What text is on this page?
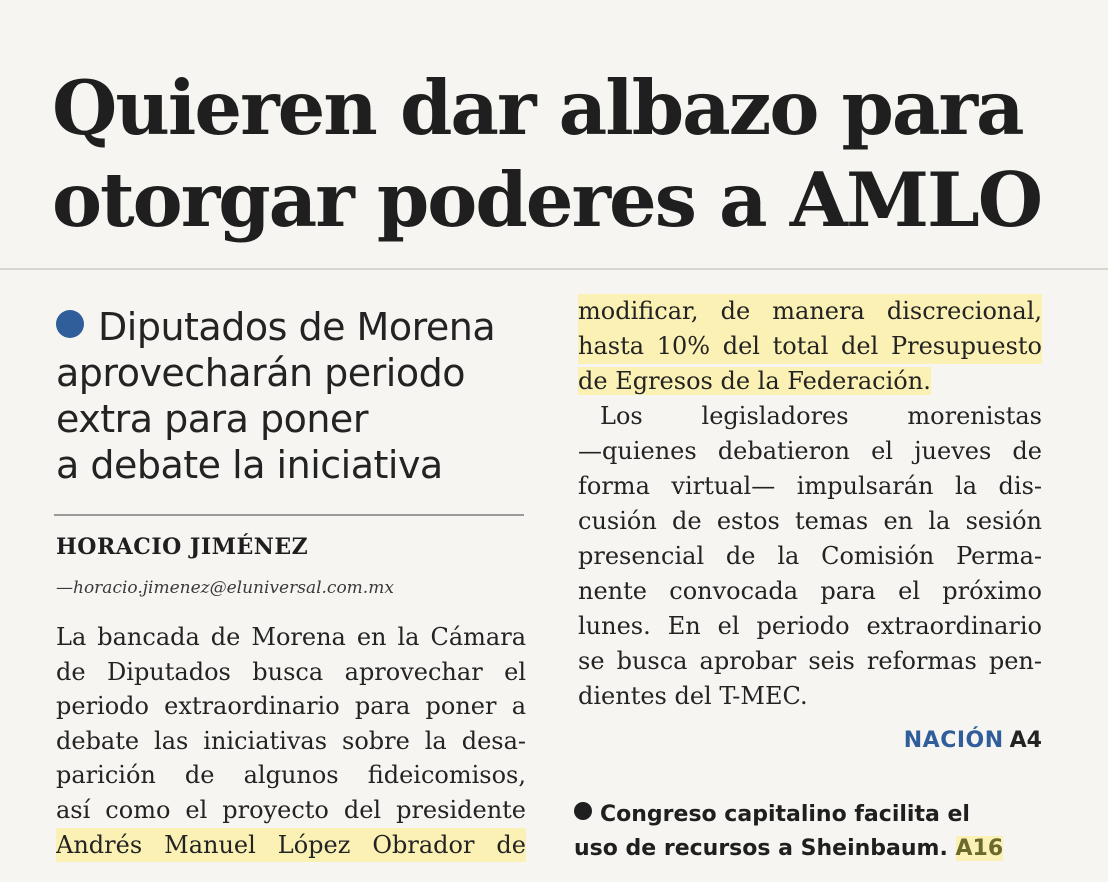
Quieren dar albazo para
otorgar poderes a AMLO
Diputados de Morena
aprovecharán periodo
extra para poner
a debate la iniciativa
HORACIO JIMÉNEZ
—horacio.jimenez@eluniversal.com.mx
La bancada de Morena en la Cámara
de Diputados busca aprovechar el
periodo extraordinario para poner a
debate las iniciativas sobre la desa-
parición de algunos fideicomisos,
así como el proyecto del presidente
Andrés Manuel López Obrador de
modificar, de manera discrecional,
hasta 10% del total del Presupuesto
de Egresos de la Federación.
Los legisladores morenistas
—quienes debatieron el jueves de
forma virtual— impulsarán la dis-
cusión de estos temas en la sesión
presencial de la Comisión Perma-
nente convocada para el próximo
lunes. En el periodo extraordinario
se busca aprobar seis reformas pen-
dientes del T-MEC.
NACIÓN A4
Congreso capitalino facilita el
uso de recursos a Sheinbaum. A16
